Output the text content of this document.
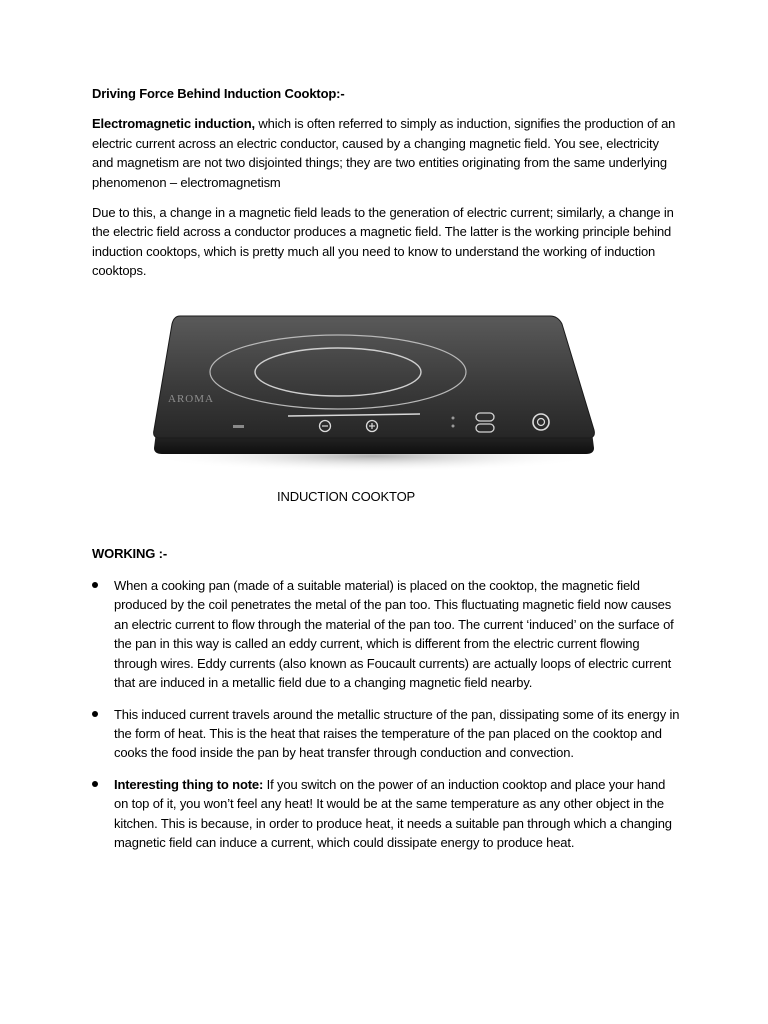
Driving Force Behind Induction Cooktop:-

Electromagnetic induction, which is often referred to simply as induction, signifies the production of an electric current across an electric conductor, caused by a changing magnetic field. You see, electricity and magnetism are not two disjointed things; they are two entities originating from the same underlying phenomenon – electromagnetism

Due to this, a change in a magnetic field leads to the generation of electric current; similarly, a change in the electric field across a conductor produces a magnetic field. The latter is the working principle behind induction cooktops, which is pretty much all you need to know to understand the working of induction cooktops.

AROMA
INDUCTION COOKTOP
WORKING :-
When a cooking pan (made of a suitable material) is placed on the cooktop, the magnetic field produced by the coil penetrates the metal of the pan too. This fluctuating magnetic field now causes an electric current to flow through the material of the pan too. The current ‘induced’ on the surface of the pan in this way is called an eddy current, which is different from the electric current flowing through wires. Eddy currents (also known as Foucault currents) are actually loops of electric current that are induced in a metallic field due to a changing magnetic field nearby.
This induced current travels around the metallic structure of the pan, dissipating some of its energy in the form of heat. This is the heat that raises the temperature of the pan placed on the cooktop and cooks the food inside the pan by heat transfer through conduction and convection.
Interesting thing to note: If you switch on the power of an induction cooktop and place your hand on top of it, you won’t feel any heat! It would be at the same temperature as any other object in the kitchen. This is because, in order to produce heat, it needs a suitable pan through which a changing magnetic field can induce a current, which could dissipate energy to produce heat.
